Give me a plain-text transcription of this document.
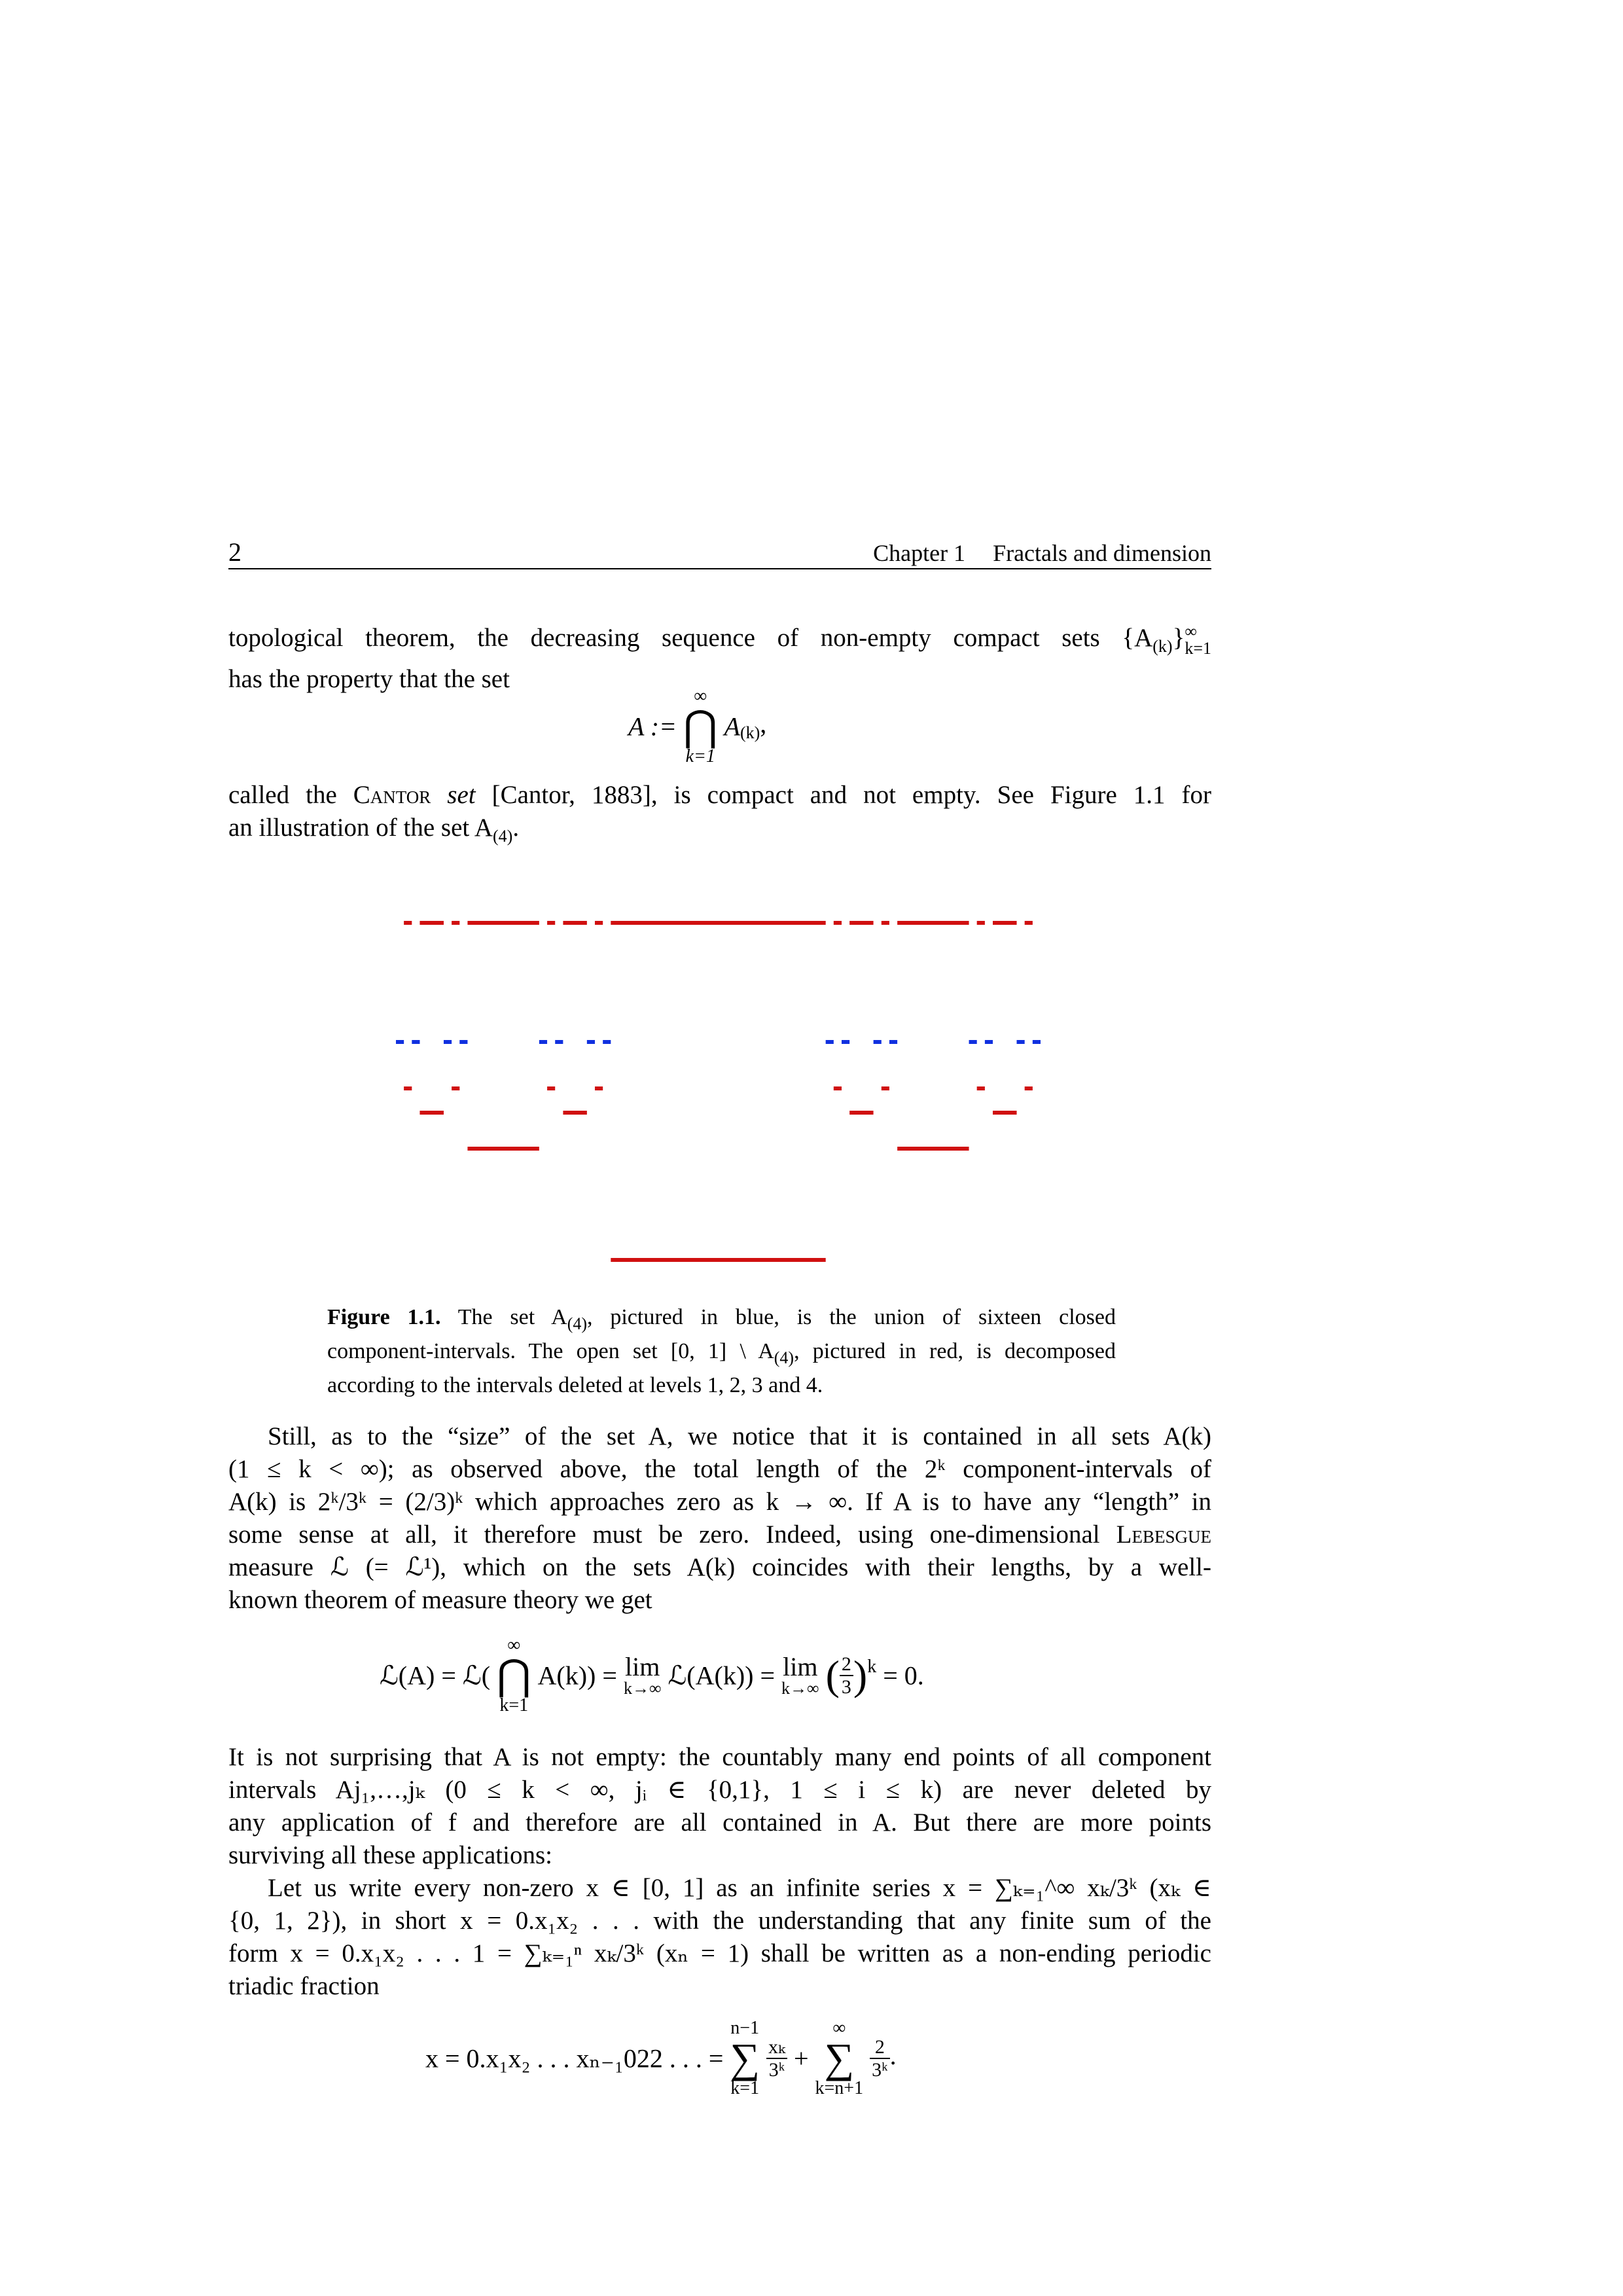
2	Chapter 1 Fractals and dimension
topological theorem, the decreasing sequence of non-empty compact sets $\{A_{(k)}\}$ ∞
k=1
has the property that the set
A :=
∞
⋂
k=1
$A_{(k)}$,
called the Cantor set [Cantor, 1883], is compact and not empty. See Figure 1.1 for
an illustration of the set $A_{(4)}$.
Figure 1.1. The set $A_{(4)}$, pictured in blue, is the union of sixteen closed
component-intervals. The open set [0, 1] \ $A_{(4)}$, pictured in red, is decomposed
according to the intervals deleted at levels 1, 2, 3 and 4.
Still, as to the “size” of the set A, we notice that it is contained in all sets A(k)
(1 ≤ k < ∞); as observed above, the total length of the 2ᵏ component-intervals of
A(k) is 2ᵏ/3ᵏ = (2/3)ᵏ which approaches zero as k → ∞. If A is to have any “length” in
some sense at all, it therefore must be zero. Indeed, using one-dimensional Lebesgue
measure ℒ (= ℒ¹), which on the sets A(k) coincides with their lengths, by a well-
known theorem of measure theory we get
ℒ(A) = ℒ(
∞
⋂
k=1
A(k)) = lim
k→∞ ℒ(A(k)) = lim
k→∞ ( $\frac{2}{3} )^k = 0$.
It is not surprising that A is not empty: the countably many end points of all component
intervals Aj₁,…,jₖ (0 ≤ k < ∞, jᵢ ∈ {0,1}, 1 ≤ i ≤ k) are never deleted by
any application of f and therefore are all contained in A. But there are more points
surviving all these applications:
Let us write every non-zero x ∈ [0, 1] as an infinite series x = ∑ₖ₌₁^∞ xₖ/3ᵏ (xₖ ∈
{0, 1, 2}), in short x = 0.x₁x₂ . . . with the understanding that any finite sum of the
form x = 0.x₁x₂ . . . 1 = ∑ₖ₌₁ⁿ xₖ/3ᵏ (xₙ = 1) shall be written as a non-ending periodic
triadic fraction
x = 0.x₁x₂ . . . xₙ₋₁022 . . . =
n−1
∑
k=1

$\frac{\text{xₖ}}{\text{3ᵏ}}$ +
∞
∑
k=n+1

$\frac{2}{\text{3ᵏ}}$ .
